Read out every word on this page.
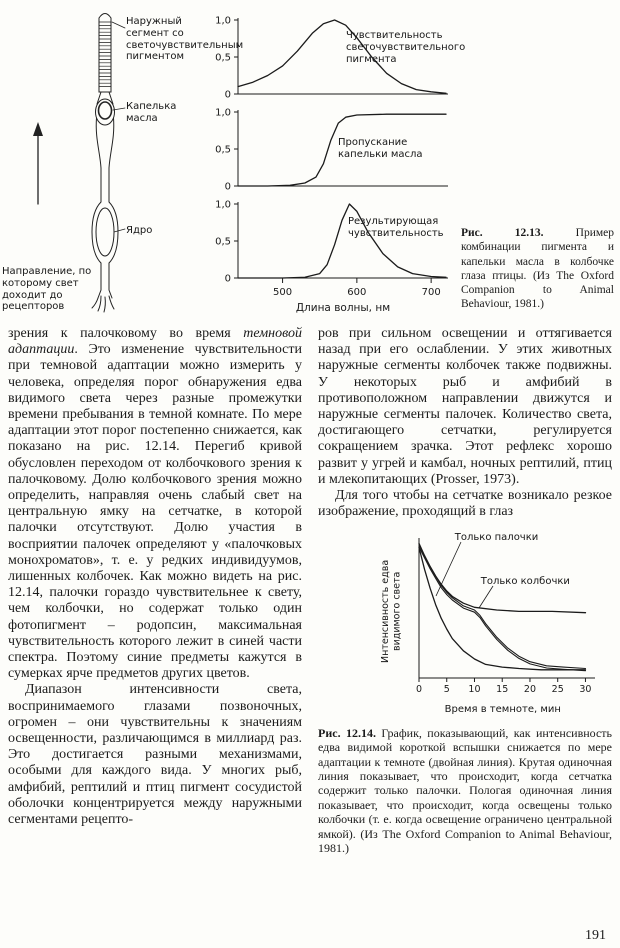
Наружный сегмент со светочувствительным пигментом
Капелька масла
Ядро
Направление, по которому свет доходит до рецепторов
1,0
0,5
0
1,0
0,5
0
1,0
0,5
0
500	600	700
Длина волны, нм
Чувствительность светочувствительного пигмента
Пропускание капельки масла
Результирующая чувствительность	Рис. 12.13.	Пример комбинации пигмента и капельки масла в колбочке глаза птицы. (Из The Oxford Companion to Animal Behaviour, 1981.)

зрения к палочковому во время темновой адаптации. Это изменение чувствительности при темновой адаптации можно измерить у человека, определяя порог обнаружения едва видимого света через разные промежутки времени пребывания в темной комнате. По мере адаптации этот порог постепенно снижается, как показано на рис. 12.14. Перегиб кривой обусловлен переходом от колбочкового зрения к палочковому. Долю колбочкового зрения можно определить, направляя очень слабый свет на центральную ямку на сетчатке, в которой палочки отсутствуют. Долю участия в восприятии палочек определяют у «палочковых монохроматов», т. е. у редких индивидуумов, лишенных колбочек. Как можно видеть на рис. 12.14, палочки гораздо чувствительнее к свету, чем колбочки, но содержат только один фотопигмент – родопсин, максимальная чувствительность которого лежит в синей части спектра. Поэтому синие предметы кажутся в сумерках ярче предметов других цветов.

Диапазон интенсивности света, воспринимаемого глазами позвоночных, огромен – они чувствительны к значениям освещенности, различающимся в миллиард раз. Это достигается разными механизмами, особыми для каждого вида. У многих рыб, амфибий, рептилий и птиц пигмент сосудистой оболочки концентрируется между наружными сегментами рецепто-

ров при сильном освещении и оттягивается назад при его ослаблении. У этих животных наружные сегменты колбочек также подвижны. У некоторых рыб и амфибий в противоположном направлении движутся и наружные сегменты палочек. Количество света, достигающего сетчатки, регулируется сокращением зрачка. Этот рефлекс хорошо развит у угрей и камбал, ночных рептилий, птиц и млекопитающих (Prosser, 1973).

Для того чтобы на сетчатке возникало резкое изображение, проходящий в глаз

Интенсивность едва видимого света
0 5 10 15 20 25 30
Только палочки
Только колбочки
Время в темноте, мин
Рис. 12.14. График, показывающий, как интенсивность едва видимой короткой вспышки снижается по мере адаптации к темноте (двойная линия). Крутая одиночная линия показывает, что происходит, когда сетчатка содержит только палочки. Пологая одиночная линия показывает, что происходит, когда освещены только колбочки (т. е. когда освещение ограничено центральной ямкой). (Из The Oxford Companion to Animal Behaviour, 1981.)
191
